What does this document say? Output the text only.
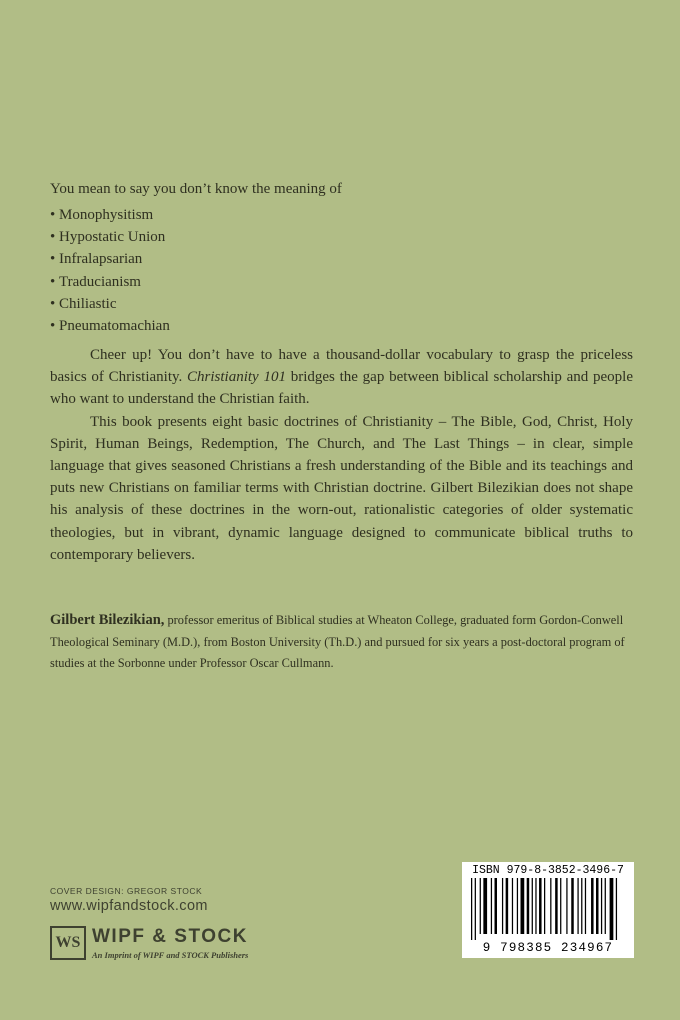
You mean to say you don’t know the meaning of

• Monophysitism
• Hypostatic Union
• Infralapsarian
• Traducianism
• Chiliastic
• Pneumatomachian

Cheer up! You don’t have to have a thousand-dollar vocabulary to grasp the priceless basics of Christianity. Christianity 101 bridges the gap between biblical scholarship and people who want to understand the Christian faith.

This book presents eight basic doctrines of Christianity – The Bible, God, Christ, Holy Spirit, Human Beings, Redemption, The Church, and The Last Things – in clear, simple language that gives seasoned Christians a fresh understanding of the Bible and its teachings and puts new Christians on familiar terms with Christian doctrine. Gilbert Bilezikian does not shape his analysis of these doctrines in the worn-out, rationalistic categories of older systematic theologies, but in vibrant, dynamic language designed to communicate biblical truths to contemporary believers.

Gilbert Bilezikian, professor emeritus of Biblical studies at Wheaton College, graduated form Gordon-Conwell Theological Seminary (M.D.), from Boston University (Th.D.) and pursued for six years a post-doctoral program of studies at the Sorbonne under Professor Oscar Cullmann.

COVER DESIGN: GREGOR STOCK
www.wipfandstock.com
WS WIPF & STOCK
An Imprint of WIPF and STOCK Publishers
ISBN 979-8-3852-3496-7
9 798385 234967
